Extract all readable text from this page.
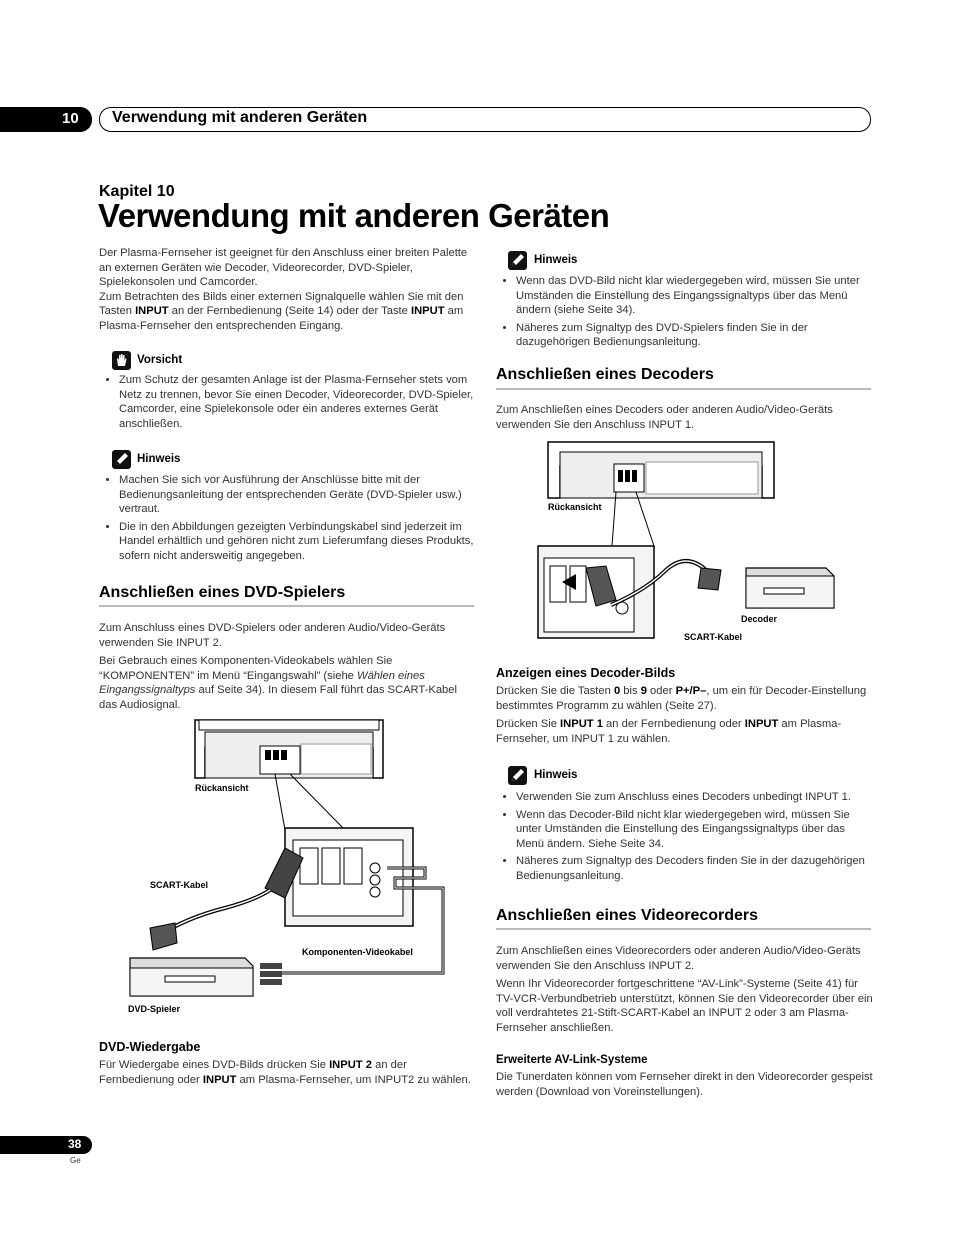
10 Verwendung mit anderen Geräten
Kapitel 10
Verwendung mit anderen Geräten

Der Plasma-Fernseher ist geeignet für den Anschluss einer breiten Palette an externen Geräten wie Decoder, Videorecorder, DVD-Spieler, Spielekonsolen und Camcorder.

Zum Betrachten des Bilds einer externen Signalquelle wählen Sie mit den Tasten INPUT an der Fernbedienung (Seite 14) oder der Taste INPUT am Plasma-Fernseher den entsprechenden Eingang.

Vorsicht
• Zum Schutz der gesamten Anlage ist der Plasma-Fernseher stets vom Netz zu trennen, bevor Sie einen Decoder, Videorecorder, DVD-Spieler, Camcorder, eine Spielekonsole oder ein anderes externes Gerät anschließen.
Hinweis
• Machen Sie sich vor Ausführung der Anschlüsse bitte mit der Bedienungsanleitung der entsprechenden Geräte (DVD-Spieler usw.) vertraut.
• Die in den Abbildungen gezeigten Verbindungskabel sind jederzeit im Handel erhältlich und gehören nicht zum Lieferumfang dieses Produkts, sofern nicht andersweitig angegeben.
Anschließen eines DVD-Spielers

Zum Anschluss eines DVD-Spielers oder anderen Audio/Video-Geräts verwenden Sie INPUT 2.

Bei Gebrauch eines Komponenten-Videokabels wählen Sie “KOMPONENTEN” im Menü “Eingangswahl” (siehe Wählen eines Eingangssignaltyps auf Seite 34). In diesem Fall führt das SCART-Kabel das Audiosignal.

Rückansicht
SCART-Kabel
Komponenten-Videokabel
DVD-Spieler
DVD-Wiedergabe

Für Wiedergabe eines DVD-Bilds drücken Sie INPUT 2 an der Fernbedienung oder INPUT am Plasma-Fernseher, um INPUT2 zu wählen.

Hinweis
• Wenn das DVD-Bild nicht klar wiedergegeben wird, müssen Sie unter Umständen die Einstellung des Eingangssignaltyps über das Menü ändern (siehe Seite 34).
• Näheres zum Signaltyp des DVD-Spielers finden Sie in der dazugehörigen Bedienungsanleitung.
Anschließen eines Decoders

Zum Anschließen eines Decoders oder anderen Audio/Video-Geräts verwenden Sie den Anschluss INPUT 1.

Rückansicht
Decoder
SCART-Kabel
Anzeigen eines Decoder-Bilds

Drücken Sie die Tasten 0 bis 9 oder P+/P–, um ein für Decoder-Einstellung bestimmtes Programm zu wählen (Seite 27).

Drücken Sie INPUT 1 an der Fernbedienung oder INPUT am Plasma-Fernseher, um INPUT 1 zu wählen.

Hinweis
• Verwenden Sie zum Anschluss eines Decoders unbedingt INPUT 1.
• Wenn das Decoder-Bild nicht klar wiedergegeben wird, müssen Sie unter Umständen die Einstellung des Eingangssignaltyps über das Menü ändern. Siehe Seite 34.
• Näheres zum Signaltyp des Decoders finden Sie in der dazugehörigen Bedienungsanleitung.
Anschließen eines Videorecorders

Zum Anschließen eines Videorecorders oder anderen Audio/Video-Geräts verwenden Sie den Anschluss INPUT 2.

Wenn Ihr Videorecorder fortgeschrittene “AV-Link”-Systeme (Seite 41) für TV-VCR-Verbundbetrieb unterstützt, können Sie den Videorecorder über ein voll verdrahtetes 21-Stift-SCART-Kabel an INPUT 2 oder 3 am Plasma-Fernseher anschließen.

Erweiterte AV-Link-Systeme

Die Tunerdaten können vom Fernseher direkt in den Videorecorder gespeist werden (Download von Voreinstellungen).

38
Ge
